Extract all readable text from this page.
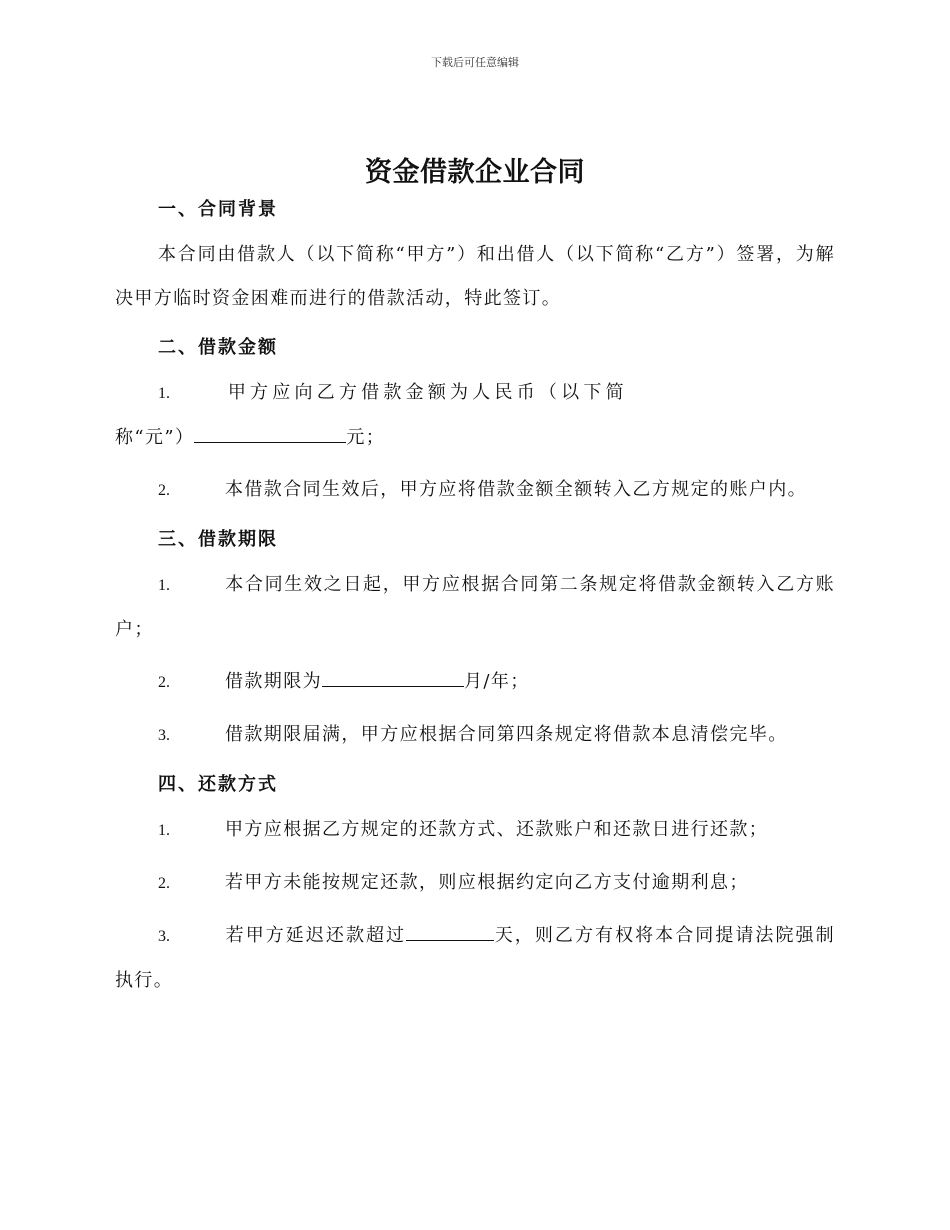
下载后可任意编辑
资金借款企业合同
一、合同背景

本合同由借款人（以下简称“甲方”）和出借人（以下简称“乙方”）签署，为解决甲方临时资金困难而进行的借款活动，特此签订。

二、借款金额

1.	甲方应向乙方借款金额为人民币（以下简称“元”）	元；

2.	本借款合同生效后，甲方应将借款金额全额转入乙方规定的账户内。

三、借款期限

1.	本合同生效之日起，甲方应根据合同第二条规定将借款金额转入乙方账户；

2.	借款期限为	月/年；

3.	借款期限届满，甲方应根据合同第四条规定将借款本息清偿完毕。

四、还款方式

1.	甲方应根据乙方规定的还款方式、还款账户和还款日进行还款；

2.	若甲方未能按规定还款，则应根据约定向乙方支付逾期利息；

3.	若甲方延迟还款超过	天，则乙方有权将本合同提请法院强制执行。
